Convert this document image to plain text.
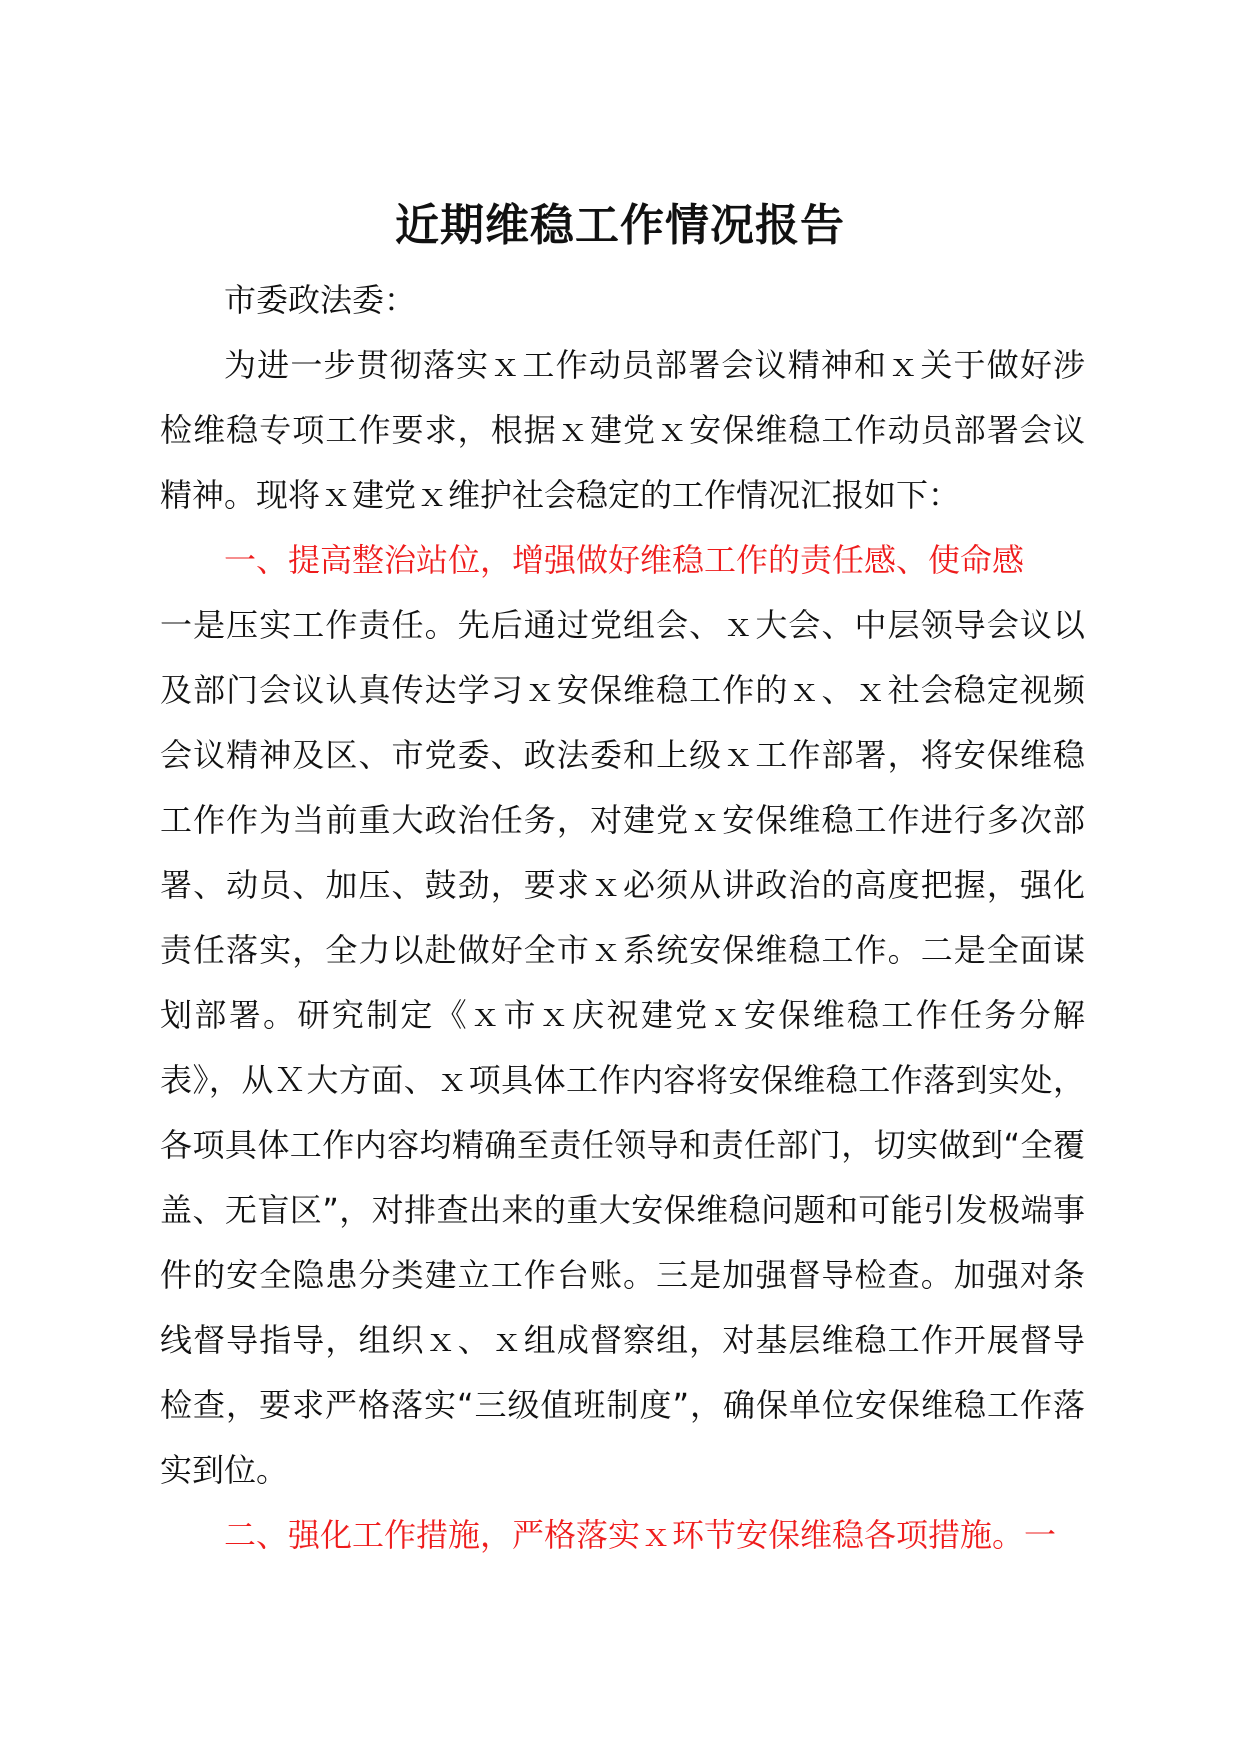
近期维稳工作情况报告

市委政法委：

为进一步贯彻落实ｘ工作动员部署会议精神和ｘ关于做好涉检维稳专项工作要求，根据ｘ建党ｘ安保维稳工作动员部署会议精神。现将ｘ建党ｘ维护社会稳定的工作情况汇报如下：

一、提高整治站位，增强做好维稳工作的责任感、使命感

一是压实工作责任。先后通过党组会、ｘ大会、中层领导会议以及部门会议认真传达学习ｘ安保维稳工作的ｘ、ｘ社会稳定视频会议精神及区、市党委、政法委和上级ｘ工作部署，将安保维稳工作作为当前重大政治任务，对建党ｘ安保维稳工作进行多次部署、动员、加压、鼓劲，要求ｘ必须从讲政治的高度把握，强化责任落实，全力以赴做好全市ｘ系统安保维稳工作。二是全面谋划部署。研究制定《ｘ市ｘ庆祝建党ｘ安保维稳工作任务分解表》，从Ｘ大方面、ｘ项具体工作内容将安保维稳工作落到实处，各项具体工作内容均精确至责任领导和责任部门，切实做到“全覆盖、无盲区”，对排查出来的重大安保维稳问题和可能引发极端事件的安全隐患分类建立工作台账。三是加强督导检查。加强对条线督导指导，组织ｘ、ｘ组成督察组，对基层维稳工作开展督导检查，要求严格落实“三级值班制度”，确保单位安保维稳工作落实到位。

二、强化工作措施，严格落实ｘ环节安保维稳各项措施。一
